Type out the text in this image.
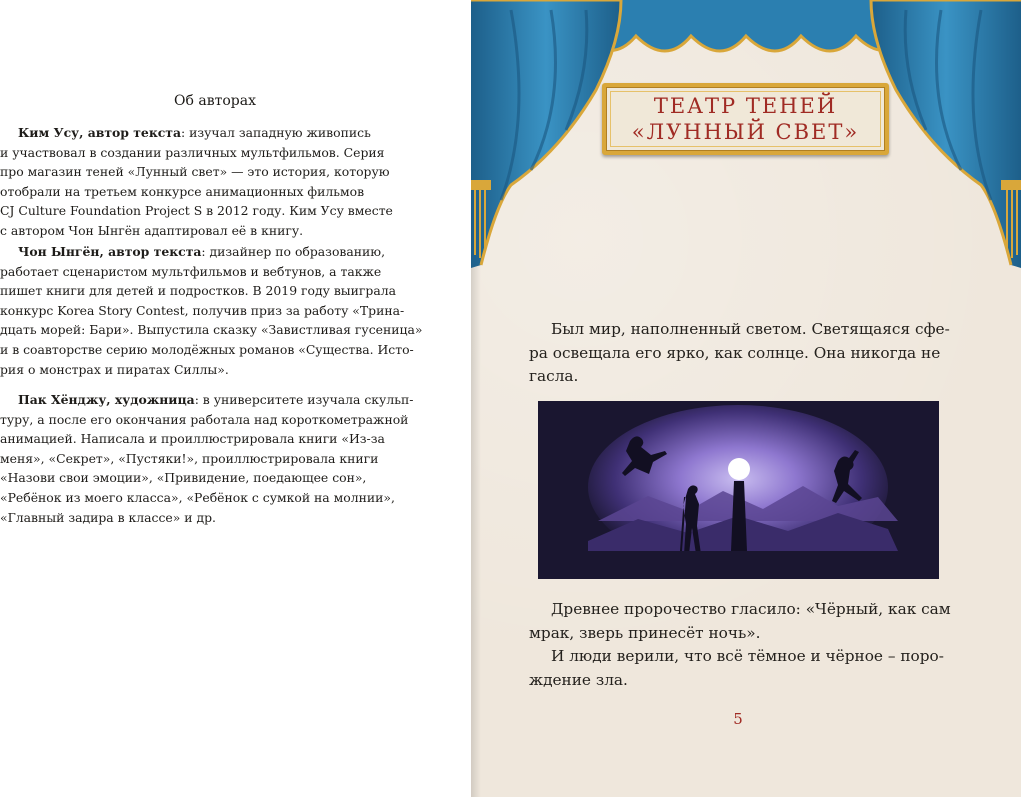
Об авторах

Ким Усу, автор текста: изучал западную живопись
и участвовал в создании различных мультфильмов. Серия
про магазин теней «Лунный свет» — это история, которую
отобрали на третьем конкурсе анимационных фильмов
CJ Culture Foundation Project S в 2012 году. Ким Усу вместе
с автором Чон Ынгён адаптировал её в книгу.

Чон Ынгён, автор текста: дизайнер по образованию,
работает сценаристом мультфильмов и вебтунов, а также
пишет книги для детей и подростков. В 2019 году выиграла
конкурс Korea Story Contest, получив приз за работу «Трина-
дцать морей: Бари». Выпустила сказку «Завистливая гусеница»
и в соавторстве серию молодёжных романов «Существа. Исто-
рия о монстрах и пиратах Силлы».

Пак Хёнджу, художница: в университете изучала скульп-
туру, а после его окончания работала над короткометражной
анимацией. Написала и проиллюстрировала книги «Из-за
меня», «Секрет», «Пустяки!», проиллюстрировала книги
«Назови свои эмоции», «Привидение, поедающее сон»,
«Ребёнок из моего класса», «Ребёнок с сумкой на молнии»,
«Главный задира в классе» и др.

ТЕАТР ТЕНЕЙ
«ЛУННЫЙ СВЕТ»

Был мир, наполненный светом. Светящаяся сфе-
ра освещала его ярко, как солнце. Она никогда не
гасла.

Древнее пророчество гласило: «Чёрный, как сам
мрак, зверь принесёт ночь».
И люди верили, что всё тёмное и чёрное – поро-
ждение зла.

5
